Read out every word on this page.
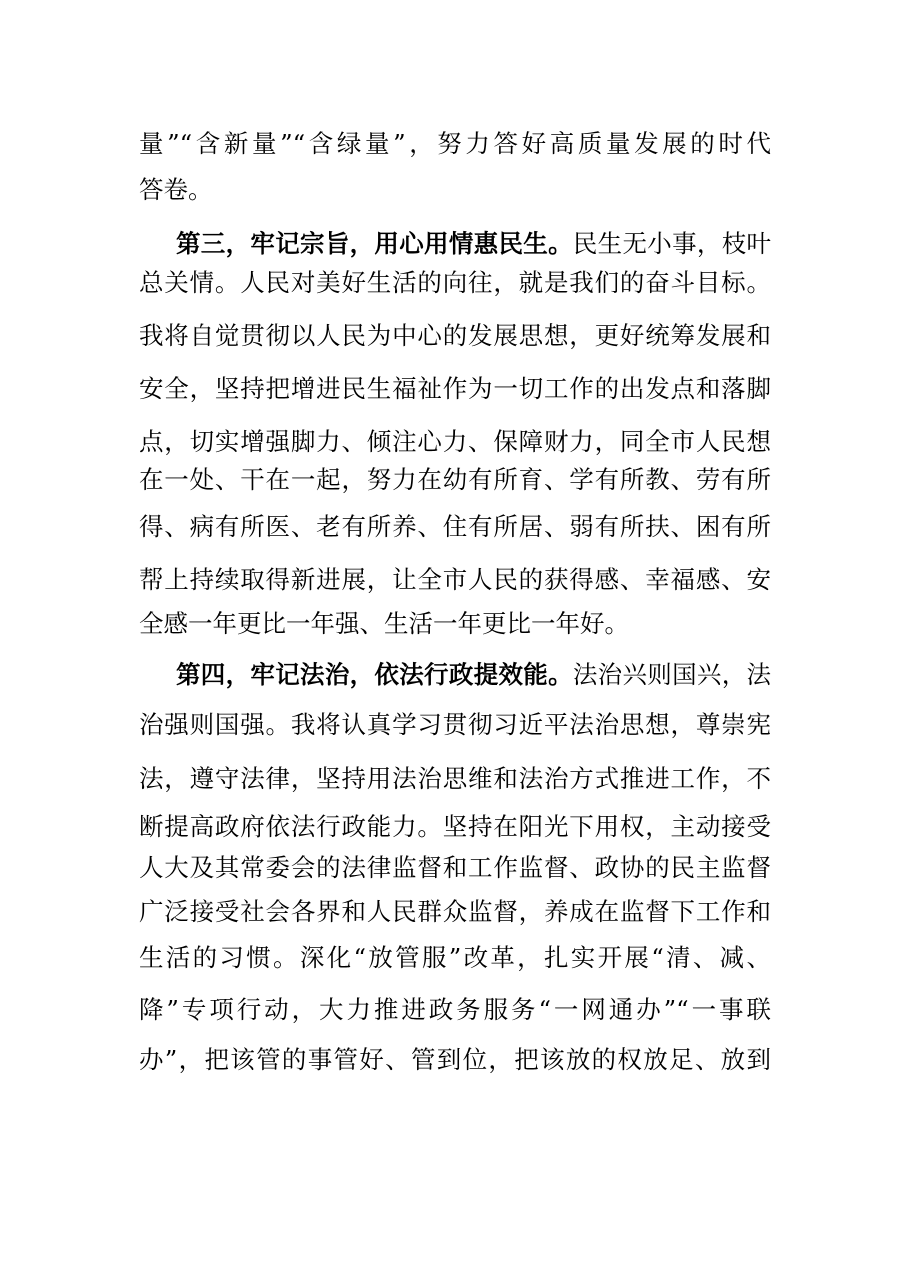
量”“含新量”“含绿量”，努力答好高质量发展的时代
答卷。
第三，牢记宗旨，用心用情惠民生。民生无小事，枝叶
总关情。人民对美好生活的向往，就是我们的奋斗目标。
我将自觉贯彻以人民为中心的发展思想，更好统筹发展和
安全，坚持把增进民生福祉作为一切工作的出发点和落脚
点，切实增强脚力、倾注心力、保障财力，同全市人民想
在一处、干在一起，努力在幼有所育、学有所教、劳有所
得、病有所医、老有所养、住有所居、弱有所扶、困有所
帮上持续取得新进展，让全市人民的获得感、幸福感、安
全感一年更比一年强、生活一年更比一年好。
第四，牢记法治，依法行政提效能。法治兴则国兴，法
治强则国强。我将认真学习贯彻习近平法治思想，尊崇宪
法，遵守法律，坚持用法治思维和法治方式推进工作，不
断提高政府依法行政能力。坚持在阳光下用权，主动接受
人大及其常委会的法律监督和工作监督、政协的民主监督
广泛接受社会各界和人民群众监督，养成在监督下工作和
生活的习惯。深化“放管服”改革，扎实开展“清、减、
降”专项行动，大力推进政务服务“一网通办”“一事联
办”，把该管的事管好、管到位，把该放的权放足、放到
